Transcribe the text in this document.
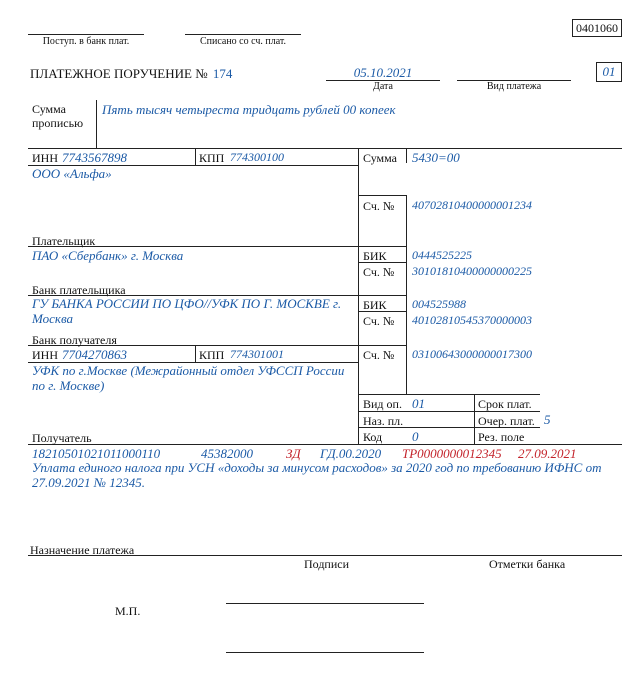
0401060
Поступ. в банк плат.	Списано со сч. плат.
ПЛАТЕЖНОЕ ПОРУЧЕНИЕ № 174	05.10.2021
Дата	Вид платежа
01
Сумма
прописью
Пять тысяч четыреста тридцать рублей 00 копеек
ИНН 7743567898	КПП 774300100	Сумма 5430=00
ООО «Альфа»
Сч. № 40702810400000001234
Плательщик
ПАО «Сбербанк» г. Москва	БИК 0444525225
Сч. № 30101810400000000225
Банк плательщика
ГУ БАНКА РОССИИ ПО ЦФО//УФК ПО Г. МОСКВЕ г. Москва
БИК 004525988
Сч. № 40102810545370000003
Банк получателя
ИНН 7704270863	КПП 774301001	Сч. № 03100643000000017300
УФК по г.Москве (Межрайонный отдел УФССП России по г. Москве)
Получатель
Вид оп. 01
Наз. пл.
Код 0
Срок плат.
Очер. плат. 5
Рез. поле
18210501021011000110	45382000	ЗД ГД.00.2020 ТР0000000012345 27.09.2021
Уплата единого налога при УСН «доходы за минусом расходов» за 2020 год по требованию ИФНС от 27.09.2021 № 12345.
Назначение платежа
Подписи	Отметки банка
М.П.
